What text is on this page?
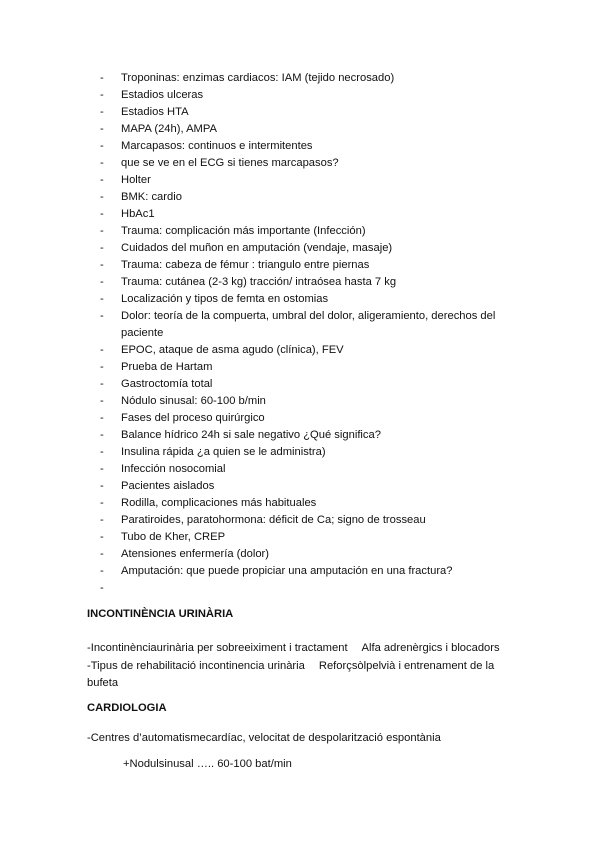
-	Troponinas: enzimas cardiacos: IAM (tejido necrosado)
-	Estadios ulceras
-	Estadios HTA
-	MAPA (24h), AMPA
-	Marcapasos: continuos e intermitentes
-	que se ve en el ECG si tienes marcapasos?
-	Holter
-	BMK: cardio
-	HbAc1
-	Trauma: complicación más importante (Infección)
-	Cuidados del muñon en amputación (vendaje, masaje)
-	Trauma: cabeza de fémur : triangulo entre piernas
-	Trauma: cutánea (2-3 kg) tracción/ intraósea hasta 7 kg
-	Localización y tipos de femta en ostomias
-	Dolor: teoría de la compuerta, umbral del dolor, aligeramiento, derechos del paciente
-	EPOC, ataque de asma agudo (clínica), FEV
-	Prueba de Hartam
-	Gastroctomía total
-	Nódulo sinusal: 60-100 b/min
-	Fases del proceso quirúrgico
-	Balance hídrico 24h si sale negativo ¿Qué significa?
-	Insulina rápida ¿a quien se le administra)
-	Infección nosocomial
-	Pacientes aislados
-	Rodilla, complicaciones más habituales
-	Paratiroides, paratohormona: déficit de Ca; signo de trosseau
-	Tubo de Kher, CREP
-	Atensiones enfermería (dolor)
-	Amputación: que puede propiciar una amputación en una fractura?
-
INCONTINÈNCIA URINÀRIA
-Incontinènciaurinària per sobreeiximent i tractament Alfa adrenèrgics i blocadors
-Tipus de rehabilitació incontinencia urinària Reforçsòlpelvià i entrenament de la
bufeta
CARDIOLOGIA
-Centres d’automatismecardíac, velocitat de despolarització espontània
+Nodulsinusal ….. 60-100 bat/min
